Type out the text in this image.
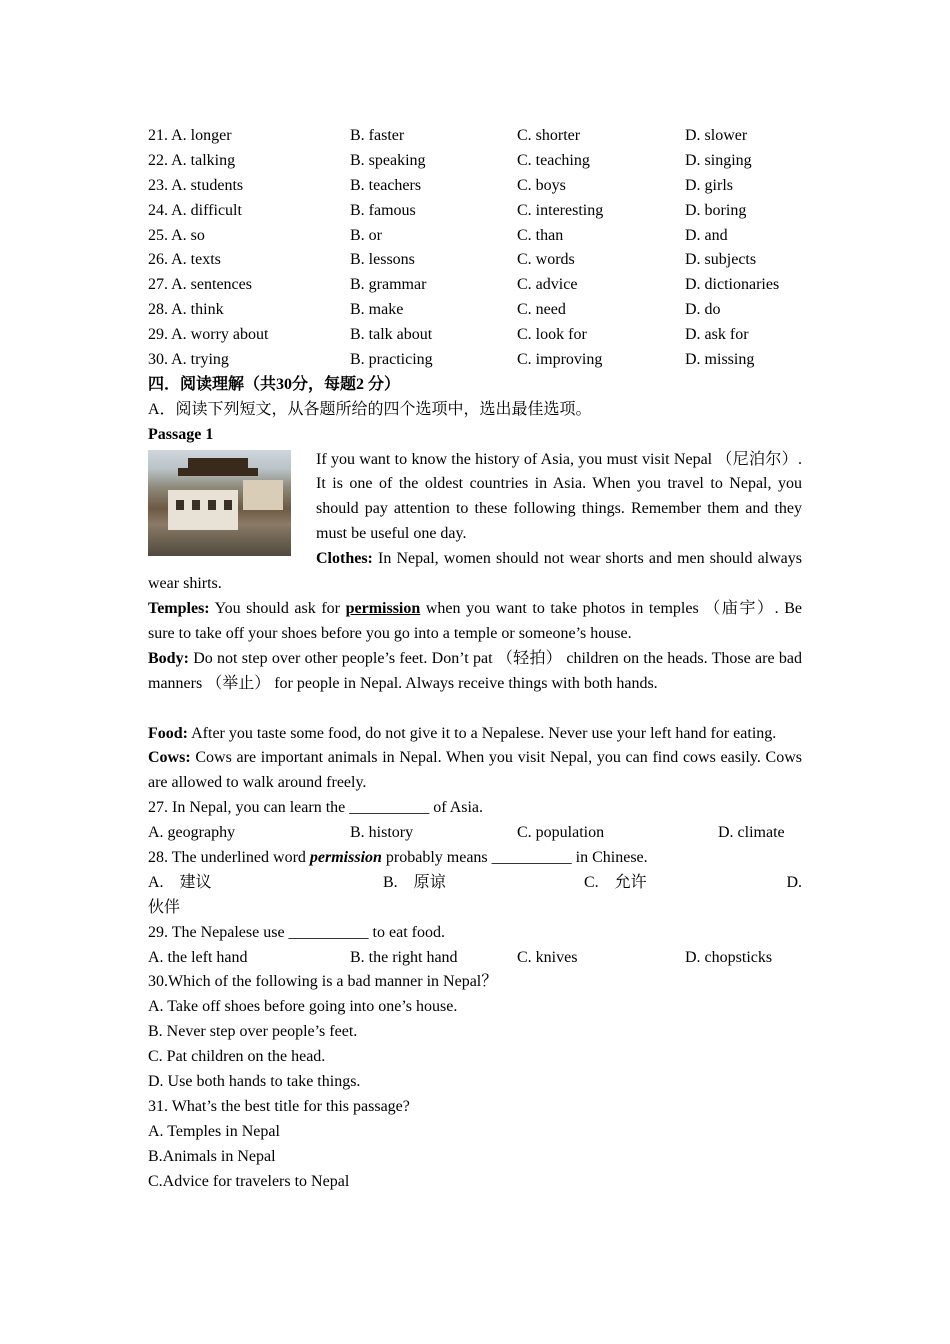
21. A. longer	B. faster	C. shorter	D. slower
22. A. talking	B. speaking	C. teaching	D. singing
23. A. students	B. teachers	C. boys	D. girls
24. A. difficult	B. famous	C. interesting	D. boring
25. A. so	B. or	C. than	D. and
26. A. texts	B. lessons	C. words	D. subjects
27. A. sentences	B. grammar	C. advice	D. dictionaries
28. A. think	B. make	C. need	D. do
29. A. worry about	B. talk about	C. look for	D. ask for
30. A. trying	B. practicing	C. improving	D. missing
四．阅读理解（共30分，每题2 分）
A．阅读下列短文，从各题所给的四个选项中，选出最佳选项。
Passage 1

If you want to know the history of Asia, you must visit Nepal （尼泊尔）. It is one of the oldest countries in Asia. When you travel to Nepal, you should pay attention to these following things. Remember them and they must be useful one day.

Clothes: In Nepal, women should not wear shorts and men should always wear shirts.

Temples: You should ask for permission when you want to take photos in temples （庙宇）. Be sure to take off your shoes before you go into a temple or someone’s house.

Body: Do not step over other people’s feet. Don’t pat （轻拍） children on the heads. Those are bad manners （举止） for people in Nepal. Always receive things with both hands.

Food: After you taste some food, do not give it to a Nepalese. Never use your left hand for eating.

Cows: Cows are important animals in Nepal. When you visit Nepal, you can find cows easily. Cows are allowed to walk around freely.

27. In Nepal, you can learn the __________ of Asia.
A. geography	B. history	C. population	D. climate
28. The underlined word permission probably means __________ in Chinese.
A.　建议	B.　原谅	C.　允许	D.
伙伴
29. The Nepalese use __________ to eat food.
A. the left hand	B. the right hand	C. knives	D. chopsticks
30.Which of the following is a bad manner in Nepal？
A. Take off shoes before going into one’s house.
B. Never step over people’s feet.
C. Pat children on the head.
D. Use both hands to take things.
31. What’s the best title for this passage?
A. Temples in Nepal
B.Animals in Nepal
C.Advice for travelers to Nepal
